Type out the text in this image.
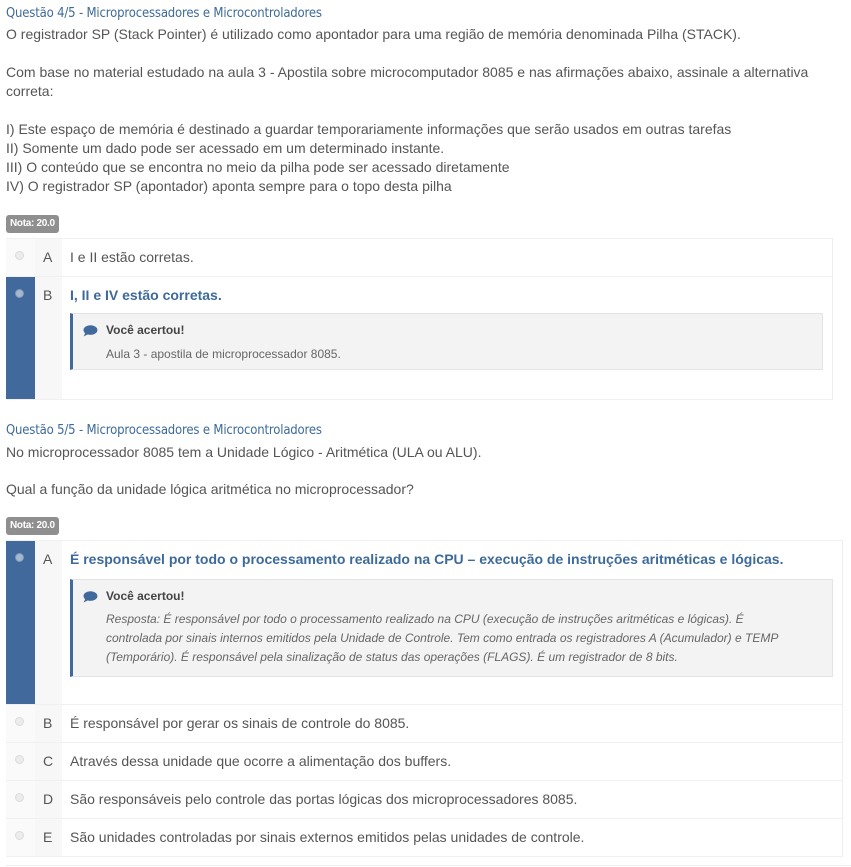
Questão 4/5 - Microprocessadores e Microcontroladores
O registrador SP (Stack Pointer) é utilizado como apontador para uma região de memória denominada Pilha (STACK).
Com base no material estudado na aula 3 - Apostila sobre microcomputador 8085 e nas afirmações abaixo, assinale a alternativa
correta:
I) Este espaço de memória é destinado a guardar temporariamente informações que serão usados em outras tarefas
II) Somente um dado pode ser acessado em um determinado instante.
III) O conteúdo que se encontra no meio da pilha pode ser acessado diretamente
IV) O registrador SP (apontador) aponta sempre para o topo desta pilha
Nota: 20.0
A I e II estão corretas.
B I, II e IV estão corretas.
Você acertou!
Aula 3 - apostila de microprocessador 8085.
Questão 5/5 - Microprocessadores e Microcontroladores
No microprocessador 8085 tem a Unidade Lógico - Aritmética (ULA ou ALU).
Qual a função da unidade lógica aritmética no microprocessador?
Nota: 20.0
A É responsável por todo o processamento realizado na CPU – execução de instruções aritméticas e lógicas.
Você acertou!
Resposta: É responsável por todo o processamento realizado na CPU (execução de instruções aritméticas e lógicas). É
controlada por sinais internos emitidos pela Unidade de Controle. Tem como entrada os registradores A (Acumulador) e TEMP
(Temporário). É responsável pela sinalização de status das operações (FLAGS). É um registrador de 8 bits.
B É responsável por gerar os sinais de controle do 8085.
C Através dessa unidade que ocorre a alimentação dos buffers.
D São responsáveis pelo controle das portas lógicas dos microprocessadores 8085.
E São unidades controladas por sinais externos emitidos pelas unidades de controle.
